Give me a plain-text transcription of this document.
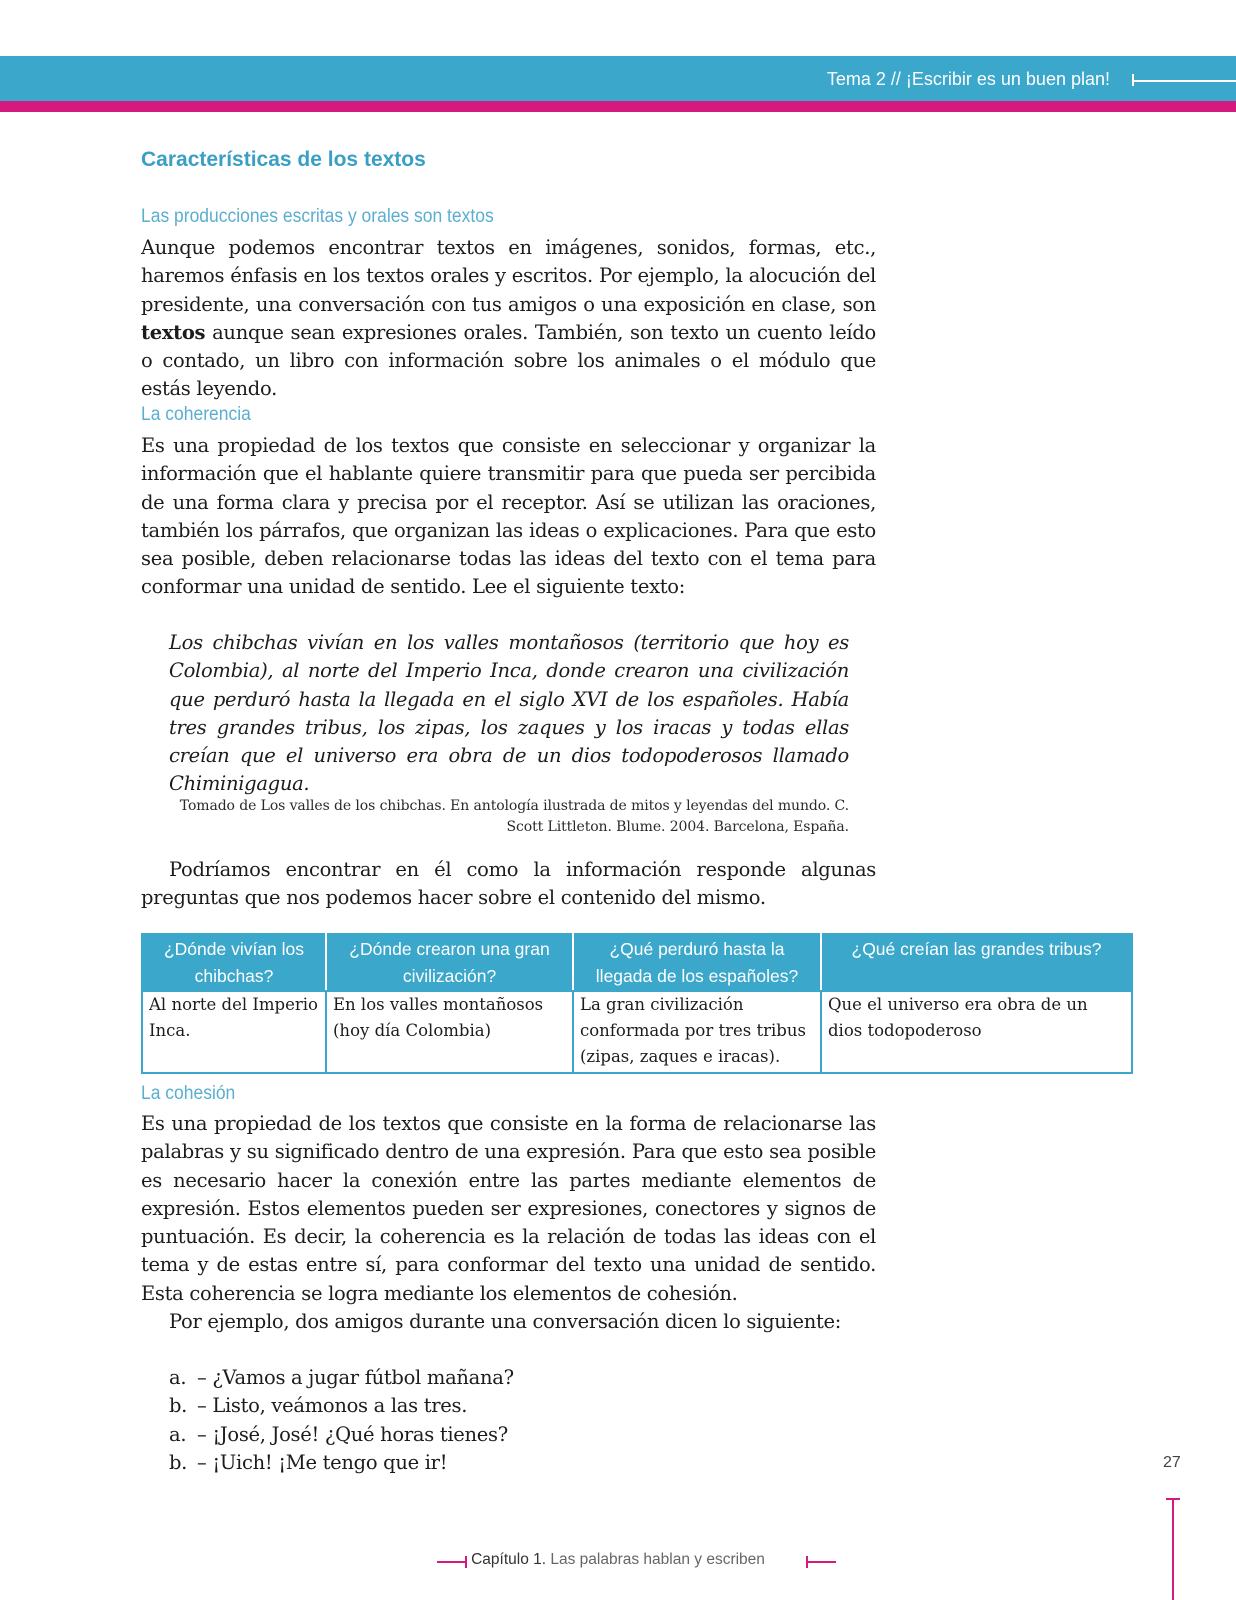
Tema 2 // ¡Escribir es un buen plan!
Características de los textos
Las producciones escritas y orales son textos
Aunque podemos encontrar textos en imágenes, sonidos, formas, etc., haremos énfasis en los textos orales y escritos. Por ejemplo, la alocución del presidente, una conversación con tus amigos o una exposición en clase, son textos aunque sean expresiones orales. También, son texto un cuento leído o contado, un libro con información sobre los animales o el módulo que estás leyendo.
La coherencia
Es una propiedad de los textos que consiste en seleccionar y organizar la información que el hablante quiere transmitir para que pueda ser percibida de una forma clara y precisa por el receptor. Así se utilizan las oraciones, también los párrafos, que organizan las ideas o explicaciones. Para que esto sea posible, deben relacionarse todas las ideas del texto con el tema para conformar una unidad de sentido. Lee el siguiente texto:
Los chibchas vivían en los valles montañosos (territorio que hoy es Colombia), al norte del Imperio Inca, donde crearon una civilización que perduró hasta la llegada en el siglo XVI de los españoles. Había tres grandes tribus, los zipas, los zaques y los iracas y todas ellas creían que el universo era obra de un dios todopoderosos llamado Chiminigagua.
Tomado de Los valles de los chibchas. En antología ilustrada de mitos y leyendas del mundo. C. Scott Littleton. Blume. 2004. Barcelona, España.
Podríamos encontrar en él como la información responde algunas preguntas que nos podemos hacer sobre el contenido del mismo.
¿Dónde vivían los chibchas?	¿Dónde crearon una gran civilización?	¿Qué perduró hasta la llegada de los españoles?	¿Qué creían las grandes tribus?
Al norte del Imperio Inca.	En los valles montañosos (hoy día Colombia)	La gran civilización conformada por tres tribus (zipas, zaques e iracas).	Que el universo era obra de un dios todopoderoso
La cohesión
Es una propiedad de los textos que consiste en la forma de relacionarse las palabras y su significado dentro de una expresión. Para que esto sea posible es necesario hacer la conexión entre las partes mediante elementos de expresión. Estos elementos pueden ser expresiones, conectores y signos de puntuación. Es decir, la coherencia es la relación de todas las ideas con el tema y de estas entre sí, para conformar del texto una unidad de sentido. Esta coherencia se logra mediante los elementos de cohesión.
Por ejemplo, dos amigos durante una conversación dicen lo siguiente:
a. – ¿Vamos a jugar fútbol mañana?
b. – Listo, veámonos a las tres.
a. – ¡José, José! ¿Qué horas tienes?
b. – ¡Uich! ¡Me tengo que ir!	27
Capítulo 1. Las palabras hablan y escriben
